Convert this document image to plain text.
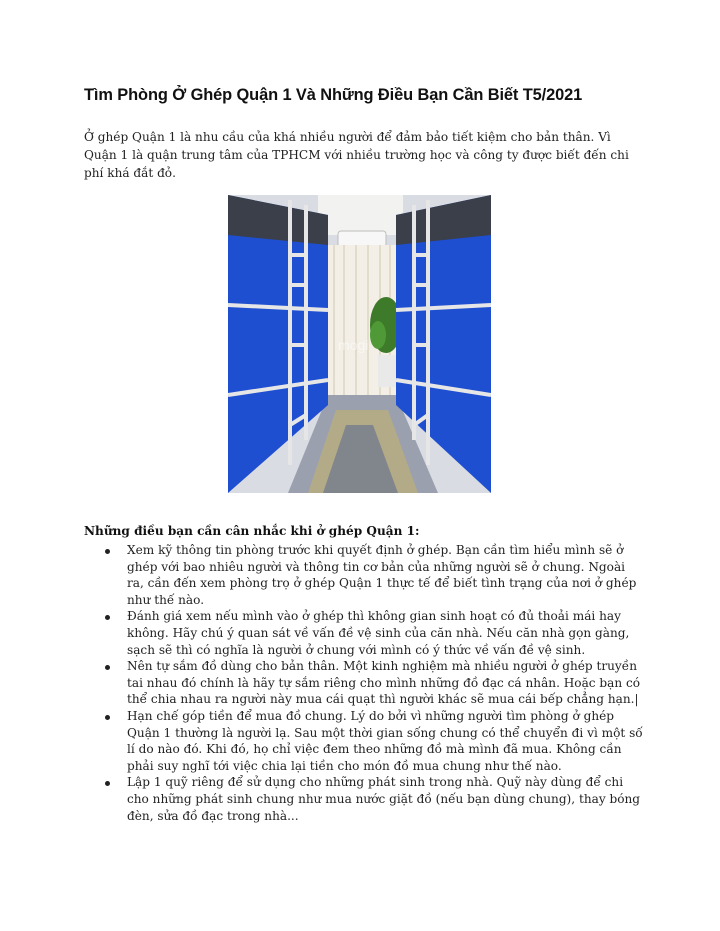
Tìm Phòng Ở Ghép Quận 1 Và Những Điều Bạn Cần Biết T5/2021
Ở ghép Quận 1 là nhu cầu của khá nhiều người để đảm bảo tiết kiệm cho bản thân. Vì Quận 1 là quận trung tâm của TPHCM với nhiều trường học và công ty được biết đến chi phí khá đắt đỏ.
mogi
Những điều bạn cần cân nhắc khi ở ghép Quận 1:
Xem kỹ thông tin phòng trước khi quyết định ở ghép. Bạn cần tìm hiểu mình sẽ ở ghép với bao nhiêu người và thông tin cơ bản của những người sẽ ở chung. Ngoài ra, cần đến xem phòng trọ ở ghép Quận 1 thực tế để biết tình trạng của nơi ở ghép như thế nào.
Đánh giá xem nếu mình vào ở ghép thì không gian sinh hoạt có đủ thoải mái hay không. Hãy chú ý quan sát về vấn đề vệ sinh của căn nhà. Nếu căn nhà gọn gàng, sạch sẽ thì có nghĩa là người ở chung với mình có ý thức về vấn đề vệ sinh.
Nên tự sắm đồ dùng cho bản thân. Một kinh nghiệm mà nhiều người ở ghép truyền tai nhau đó chính là hãy tự sắm riêng cho mình những đồ đạc cá nhân. Hoặc bạn có thể chia nhau ra người này mua cái quạt thì người khác sẽ mua cái bếp chẳng hạn.|
Hạn chế góp tiền để mua đồ chung. Lý do bởi vì những người tìm phòng ở ghép Quận 1 thường là người lạ. Sau một thời gian sống chung có thể chuyển đi vì một số lí do nào đó. Khi đó, họ chỉ việc đem theo những đồ mà mình đã mua. Không cần phải suy nghĩ tới việc chia lại tiền cho món đồ mua chung như thế nào.
Lập 1 quỹ riêng để sử dụng cho những phát sinh trong nhà. Quỹ này dùng để chi cho những phát sinh chung như mua nước giặt đồ (nếu bạn dùng chung), thay bóng đèn, sửa đồ đạc trong nhà...
